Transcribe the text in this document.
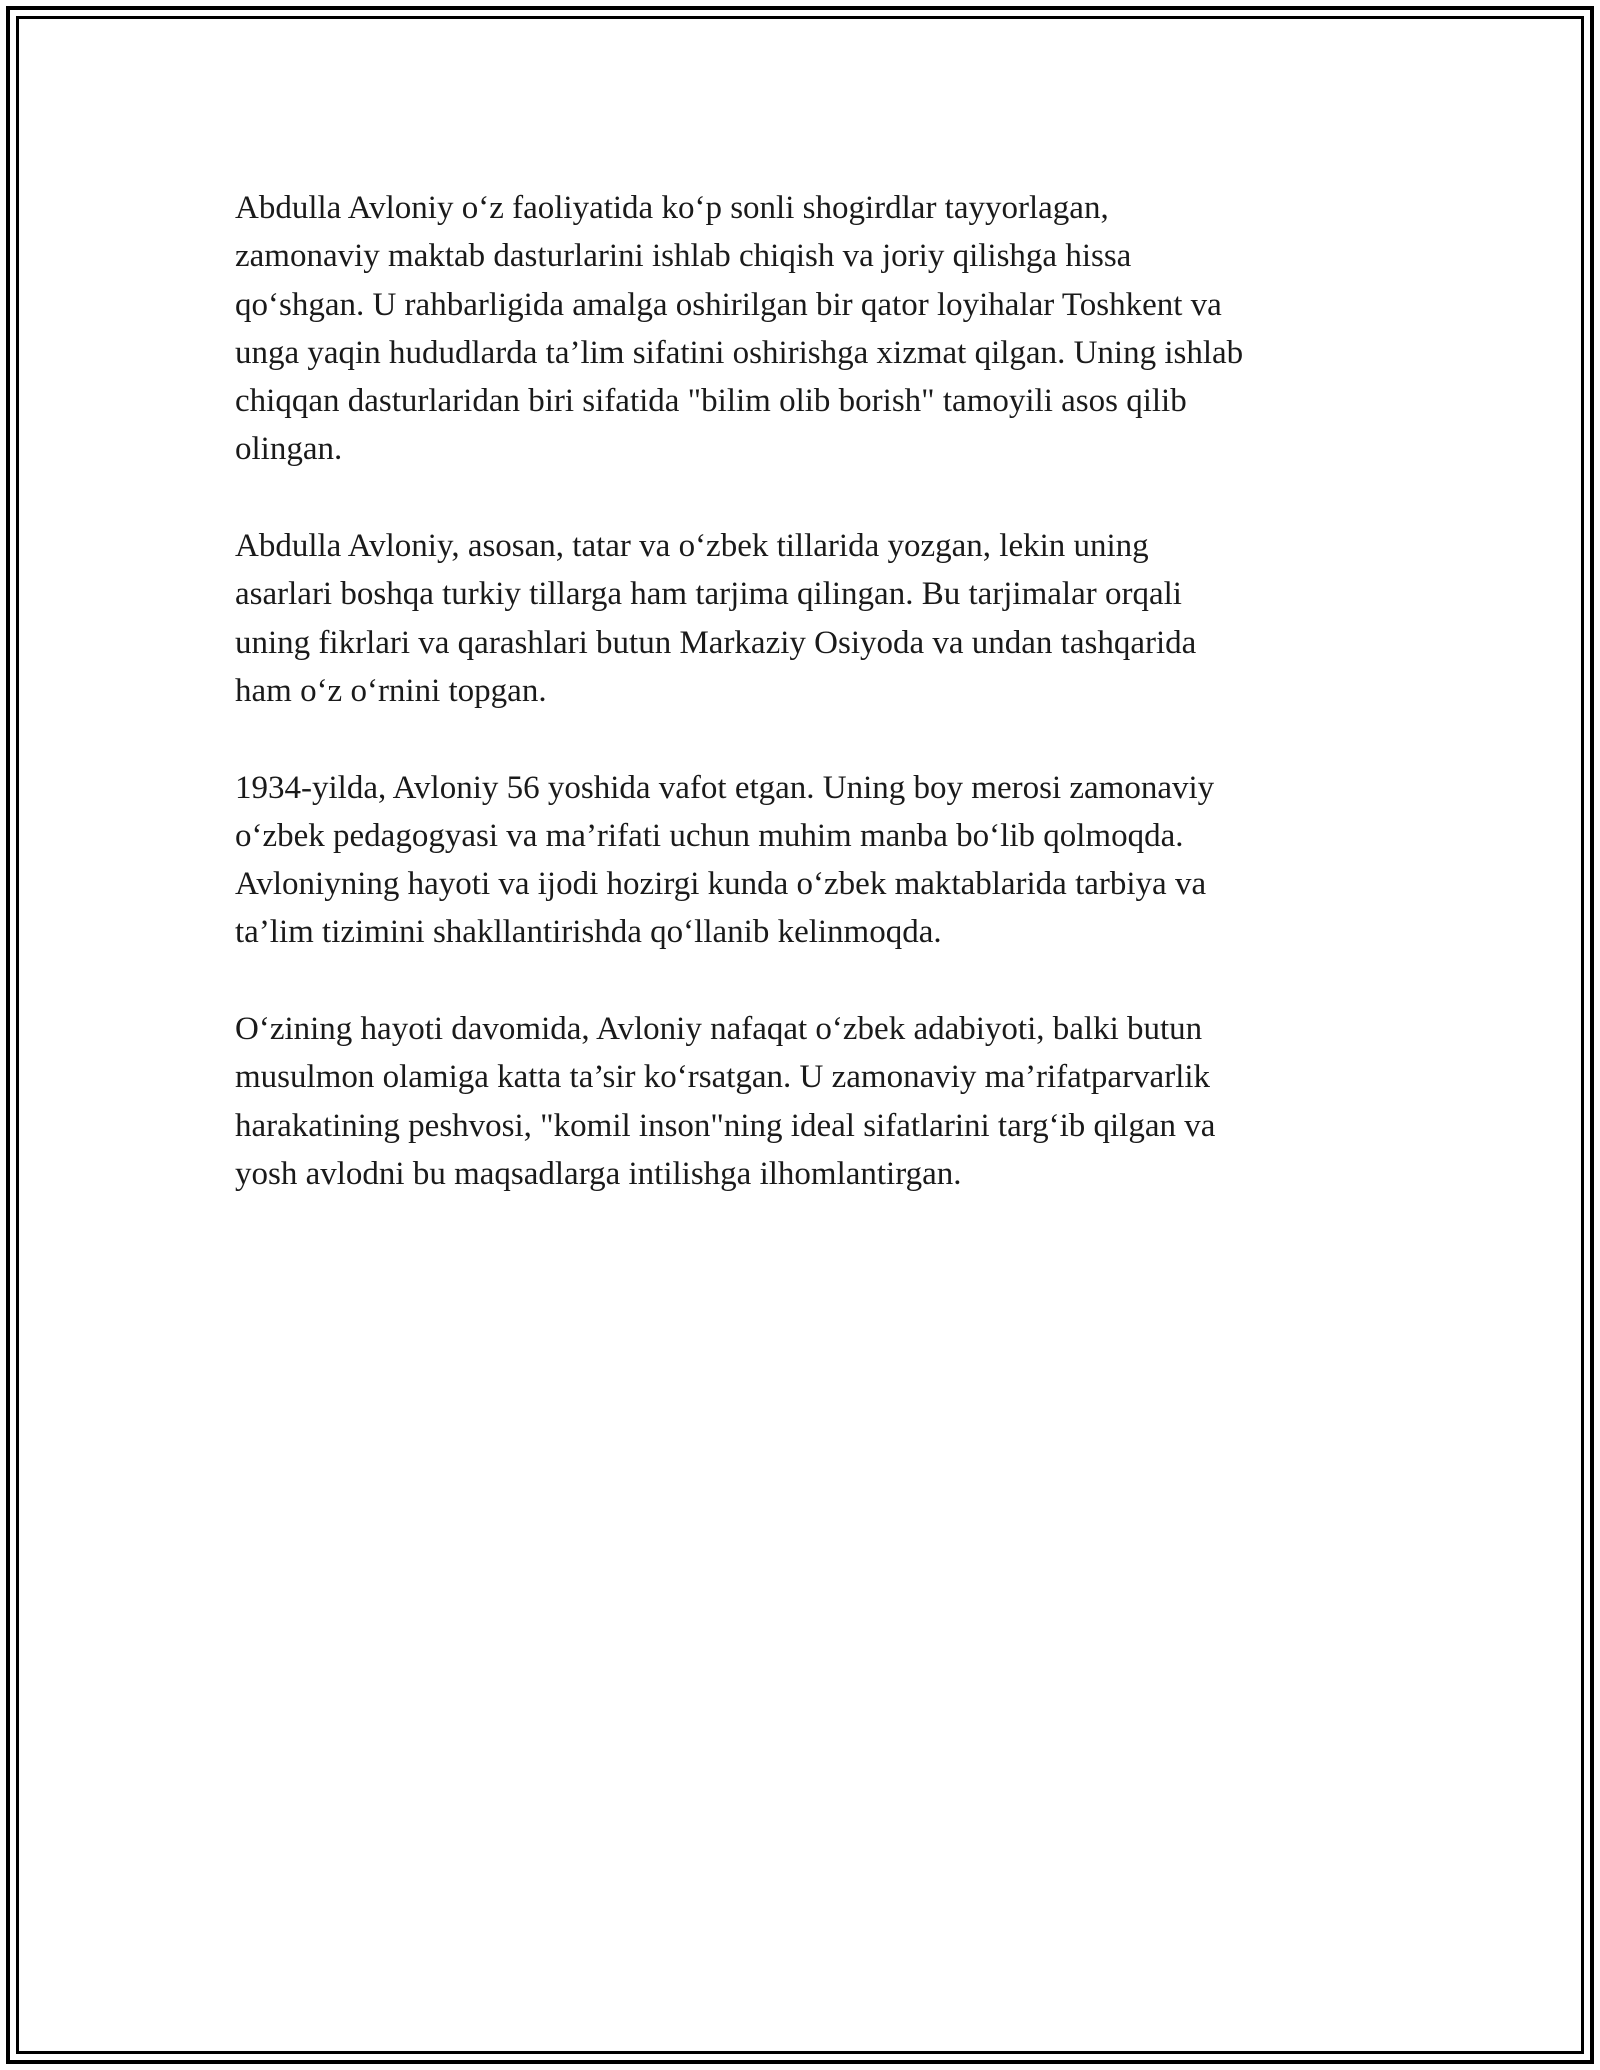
Abdulla Avloniy o‘z faoliyatida ko‘p sonli shogirdlar tayyorlagan,
zamonaviy maktab dasturlarini ishlab chiqish va joriy qilishga hissa
qo‘shgan. U rahbarligida amalga oshirilgan bir qator loyihalar Toshkent va
unga yaqin hududlarda ta’lim sifatini oshirishga xizmat qilgan. Uning ishlab
chiqqan dasturlaridan biri sifatida "bilim olib borish" tamoyili asos qilib
olingan.

Abdulla Avloniy, asosan, tatar va o‘zbek tillarida yozgan, lekin uning
asarlari boshqa turkiy tillarga ham tarjima qilingan. Bu tarjimalar orqali
uning fikrlari va qarashlari butun Markaziy Osiyoda va undan tashqarida
ham o‘z o‘rnini topgan.

1934-yilda, Avloniy 56 yoshida vafot etgan. Uning boy merosi zamonaviy
o‘zbek pedagogyasi va ma’rifati uchun muhim manba bo‘lib qolmoqda.
Avloniyning hayoti va ijodi hozirgi kunda o‘zbek maktablarida tarbiya va
ta’lim tizimini shakllantirishda qo‘llanib kelinmoqda.

O‘zining hayoti davomida, Avloniy nafaqat o‘zbek adabiyoti, balki butun
musulmon olamiga katta ta’sir ko‘rsatgan. U zamonaviy ma’rifatparvarlik
harakatining peshvosi, "komil inson"ning ideal sifatlarini targ‘ib qilgan va
yosh avlodni bu maqsadlarga intilishga ilhomlantirgan.
